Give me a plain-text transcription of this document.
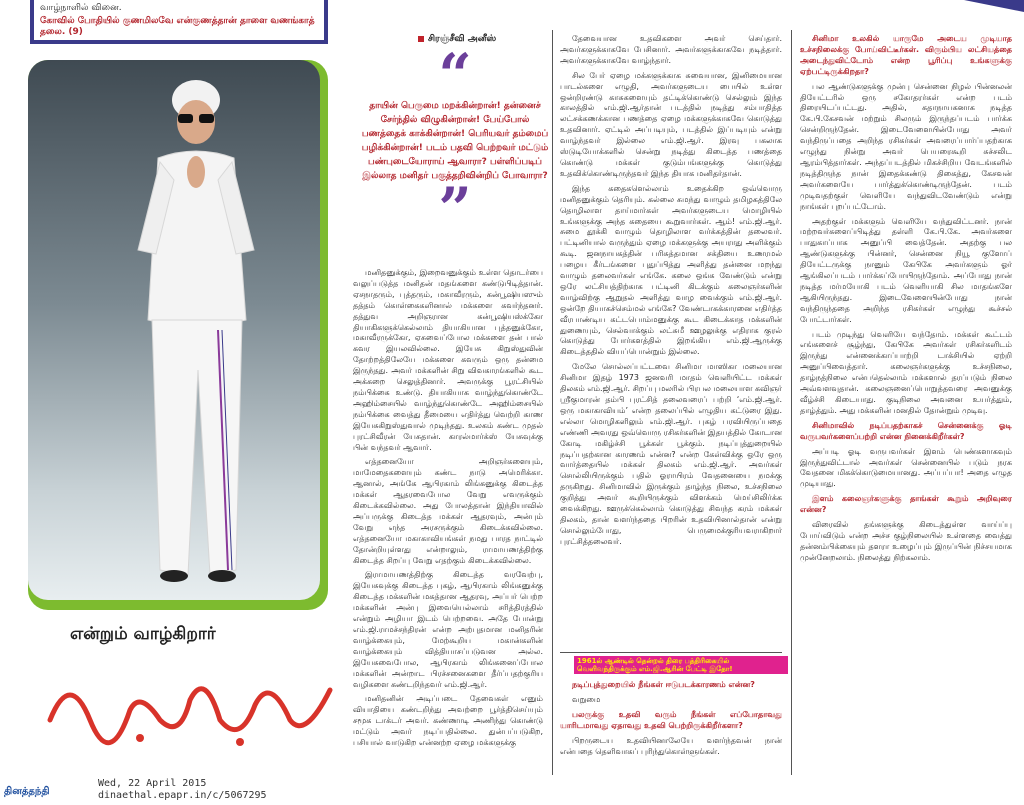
வாழ்நாளில் வினை.
கோவில் போதியில் குணமிலவே என்குணத்தான் தாளை வணங்காத் தலை. (9)
என்றும் வாழ்கிறார்
சிரஞ்சீவி அனீஸ்
“
தாயின் பெருமை மறக்கின்றான்! தன்னைச் சேர்ந்தில் விழுகின்றான்! பேய்போல் பணத்தைக் காக்கின்றான்! பெரியவர் தம்மைப் பழிக்கின்றான்! படம் பதவி பெற்றவர் மட்டும் பண்புடையோராய் ஆவாரா? பள்ளிப்படிப் இல்லாத மனிதர் பகுத்தறிவின்றிப் போவாரா?
”

மனிதனுக்கும், இறைவனுக்கும் உள்ள தொடர்பை வலுப்படுத்த மனிதன் மதங்களை கண்டுபிடித்தான். ஏசநாதரும், புத்தரும், மகாவீரரும், கன்பூஷியஸும் தத்தம் கொள்கைகளினால் மக்களை கவர்ந்தனர். தத்துவ அறிஞரான கன்பூஷியஸ்க்கோ தியாகிகளுக்கெல்லாம் தியாகியான புத்தனுக்கோ, மகாவீரருக்கோ, ஏசுவைப்போல மக்களை தன் பால் கவர இயலவில்லை. இயேசு கிறுஸ்துவின் தோற்றத்திலேயே மக்களை கவரும் ஒரு தன்மை இருந்தது. அவர் மக்களின் சிறு விவகாரங்களில் கூட அக்கறை செலுத்தினார். அவருக்கு பூரட்சியில் நம்பிக்கை உண்டு. தியாகியாக வாழ்ந்துகொண்டே அஹிம்சையில் வாழ்ந்துகொண்டே அஹிம்சையில் நம்பிக்கை வைத்து தீமையை எதிர்த்து வெற்றி காண இயேசுகிறுஸ்துவால் முடிந்தது. உலகம் கண்ட முதல் புரட்சிவீரன் யேசுதான். காரல்மார்க்ஸ் யேசுவுக்கு பின் வந்தவர் ஆவார்.

எத்தனையோ அறிஞர்களையும், மாமேதைகளையும் கண்ட நாடு அமெரிக்கா. ஆனால், அங்கே ஆபிரகாம் லிங்கனுக்கு கிடைத்த மக்கள் ஆதரவைபோல வேறு எவருக்கும் கிடைக்கவில்லை. அது போலத்தான் இந்தியாவில் அப்பருக்கு கிடைத்த மக்கள் ஆதரவும், அன்பும் வேறு எந்த அரசருக்கும் கிடைக்கவில்லை. எத்தனையோ மகாகாவியங்கள் நமது பாரத நாட்டில் தோன்றியுள்ளது என்றாலும், ராமாயணத்திற்கு கிடைத்த சிறப்பு வேறு எதற்கும் கிடைக்கவில்லை.

இராமாயணத்திற்கு கிடைத்த வரவேற்பு, இயேசுவுக்கு கிடைத்த புகழ், ஆபிரகாம் லிங்கனுக்கு கிடைத்த மக்களின் மகத்தான ஆதரவு, அப்பர் பெற்ற மக்களின் அன்பு இவையெல்லாம் சரித்திரத்தில் என்றும் அழியா இடம் பெற்றவை. அதே போன்று எம்.ஜி.ராமச்சந்திரன் என்ற அற்புதமான மனிதரின் வாழ்க்கையும், மேற்கூறிய மகான்களின் வாழ்க்கையும் வித்தியாசப்படுவன அல்ல. இயேசுவைபோல, ஆபிரகாம் லிங்கனைப்போல மக்களின் அன்றாட பிரச்சனைகளை தீர்ப்பதற்குரிய வழிகளை கண்டறிந்தவர் எம்.ஜி.ஆர்.

மனிதனின் அடிப்படை தேவைகள் எனும் வியாதியை கண்டறிந்து அவற்றை பூர்த்திசெய்யும் சமூக டாக்டர் அவர். கண்ணாடி அணிந்து கொண்டு மட்டும் அவர் நடிப்பதில்லை. துன்பப்படுகிற, பசியால் வாடுகிற என்னற்ற ஏழை மக்களுக்கு

தேவையான உதவிகளை அவர் செய்தார். அவர்களுக்காகவே பேசினார். அவர்களுக்காகவே நடித்தார். அவர்களுக்காகவே வாழ்ந்தார்.

சில பேர் ஏழை மக்களுக்காக சுவையான, இனிமையான பாடல்களை எழுதி, அவர்களுடைய பையில் உள்ள ஒன்றிரண்டு காசுகளையும் தட்டிக்கொண்டு செல்லும் இந்த காலத்தில் எம்.ஜி.ஆர்தான் படத்தில் நடித்து சம்பாதித்த லட்சக்கணக்கான பணத்தை ஏழை மக்களுக்காகவே கொடுத்து உதவினார். ஏட்டில் அப்படியும், படத்தில் இப்படியும் என்று வாழ்ந்தவர் இல்லை எம்.ஜி.ஆர். இரவு பகலாக ஸ்டுடியோக்களில் சென்று நடித்து கிடைத்த பணத்தை கொண்டு மக்கள் குடும்பங்களுக்கு கொடுத்து உதவிக்கொண்டிருந்தவர் இந்த தியாக மனிதர்தான்.

இந்த கதைகளெல்லாம் உதைக்கிற ஒவ்வொரு மனிதனுக்கும் தெரியும். கல்லை சுமந்து வாழும் தமிழகத்திலே தொழிலாள தாய்மார்கள் அவர்களுடைய மொழியில் உங்களுக்கு அந்த கதையை கூறுவார்கள். ஆம்! எம்.ஜி.ஆர். சுமை தூக்கி வாழும் தொழிலாள வர்க்கத்தின் தலைவர். பட்டினியால் வருந்தும் ஏழை மக்களுக்கு அயராது அளிக்கும் கூடி. ஜனநாயகத்தின் பரிசுத்தமான சக்தியை உணரமல் பழைய கீர்டங்களை புதுப்பித்து அளித்து தன்னை மறந்து வாழும் தலைவர்கள் எங்கே. கலை ஒங்க வேண்டும் என்று ஒரே லட்சியத்திற்காக பட்டினி கிடக்கும் கலைஞர்களின் வாழ்விற்கு ஆறுதல் அளித்து வாழ வைக்கும் எம்.ஜி.ஆர். ஒன்றே தியாகச்செம்மல் எங்கே? வேண்டாகக்காரனை எதிர்த்த வீரபாண்டிய கட்டபொம்மனுக்கு கூட கிடைக்காத மக்களின் துணையும், செல்வாக்கும் லட்சுமீ ஊழலுக்கு எதிராக குரல் கொடுத்து போர்களத்தில் இறங்கிய எம்.ஜி.ஆருக்கு கிடைத்ததில் வியப்பொன்றும் இல்லை.

மேலே சொல்லப்பட்டவை சினிமா மாஸிகா மலையான சினிமா இதழ் 1973 ஜனவரி மாதம் வெளியிட்ட மக்கள் திலகம் எம்.ஜி.ஆர். சிறப்பு மலரில் பிரபல மலையாள கவிஞர் ஸ்ரீகுமாரன் தம்பி புரட்சித் தலைவரைப் பற்றி ‘எம்.ஜி.ஆர். ஒரு மகாகாவியம்’ என்ற தலைப்பில் எழுதிய கட்டுரை இது. எல்லா மொழிகளிலும் எம்.ஜி.ஆர். புகழ் பரவியிருப்பதை எண்ணி அவரது ஒவ்வொரு ரசிகர்களின் இதயத்தில் கோடான கோடி மகிழ்ச்சி பூக்கள் பூக்கும். நடிப்புத்துறையில் நடிப்பதற்கான காரணம் என்ன? என்ற கேள்விக்கு ஒரே ஒரு வார்த்தையில் மக்கள் திலகம் எம்.ஜி.ஆர். அவர்கள் சொல்லியிருக்கும் பதில் ஓராயிரம் வேதனையை நமக்கு தருகிறது. சினிமாவில் இருக்கும் தாழ்ந்த நிலை, உச்சநிலை குறித்து அவர் கூறியிருக்கும் விளக்கம் மெய்சிலிர்க்க வைக்கிறது. ஊருக்கெல்லாம் கொடுத்து சிவந்த கரம் மக்கள் திலகம், தான் வளர்ந்ததை பிறரின் உதவியினால்தான் என்று சொல்லும்போது, பெருமைக்குரியவராகிறார் புரட்சித்தலைவர்.

1961ல் ஆண்டில் தென்றல் திரை பத்திரிகையில் வெளிவந்திருக்கும் எம்.ஜி.ஆரின் பேட்டி இதோ!

நடிப்புத்துறையில் நீங்கள் ஈடுபடக்காரணம் என்ன?

வறுமை

பலருக்கு உதவி வரும் நீங்கள் எப்போதாவது யாரிடமாவது ஏதாவது உதவி பெற்றிருக்கிறீர்களா?

பிறருடைய உதவியினாலேயே வளர்ந்தவன் நான் என்பதை தெளிவாகப் புரிந்துகொள்ளுங்கள்.

சினிமா உலகில் யாருமே அடைய முடியாத உச்சநிலைக்கு போய்விட்டீர்கள். விரும்பிய லட்சியத்தை அடைந்துவிட்டோம் என்ற பூரிப்பு உங்களுக்கு ஏற்பட்டிருக்கிறதா?

பல ஆண்டுகளுக்கு முன்பு சென்னை நிழல் பின்னலன் தியேட்டரில் ஒரு சகோதரர்கள் என்ற படம் திரையிடப்பட்டது. அதில், கதாநாயகனாக நடித்த கே.பி.கேசவன் மற்றும் சிலரும் இருந்தப்படம் பார்க்க சென்றிருந்தேன். இடைவேளையின்போது அவர் வந்திருப்பதை அறிந்த ரசிகர்கள் அவரைப்பார்ப்பதற்காக எழுந்து நின்று அவர் பெயரைகூறி சுச்சலிட ஆரம்பித்தார்கள். அந்தப்படத்தில் மிகச்சிறிய வேடங்களில் நடித்திருந்த நான் இதைக்கண்டு திகைத்து, கேசவன் அவர்களையே பார்த்துக்கொண்டிருந்தேன். படம் முடிவதற்குள் வெளியே வந்துவிடவேண்டும் என்று நாங்கள் புறப்பட்டோம்.

அதற்குள் மக்களும் வெளியே வந்துவிட்டனர். நான் மற்றவர்களைப்பிடித்து தள்ளி கே.பி.கே. அவர்களை பாதுகாப்பாக அனுப்பி வைத்தேன். அதற்கு பல ஆண்டுகளுக்கு பின்னர், சென்னை நியூ குளோப் தியேட்டருக்கு நானும் கேபிகே அவர்களும் ஓர் ஆங்கிலப்படம் பார்க்கப்போயிருந்தோம். அப்போது நான் நடித்த மர்மயோகி படம் வெளியாகி சில மாதங்களே ஆகியிருந்தது. இடைவேளையின்போது நான் வந்திருந்ததை அறிந்த ரசிகர்கள் எழுந்து கூச்சல் போட்டார்கள்.

படம் முடிந்து வெளியே வந்தோம். மக்கள் கூட்டம் எங்களைச் சூழ்ந்து, கேபிகே அவர்கள் ரசிகர்களிடம் இருந்து என்னைக்காப்பாற்றி டாக்சியில் ஏற்றி அனுப்பிவைத்தார். கலைஞர்களுக்கு உச்சநிலை, தாழ்நத்நிலை என்பதெல்லாம் மக்களால் தரப்படும் நிலை அவ்வளவுதான். கலைஞனைப்பொறுத்தவரை அவனுக்கு வீழ்ச்சி கிடையாது. குடிநிலை அவனை உயர்த்தும், தாழ்த்தும். அது மக்களின் மனதில் தோன்றும் முடிவு.

சினிமாவில் நடிப்பதற்காகச் சென்னைக்கு ஓடி வருபவர்களைப்பற்றி என்ன நினைக்கிறீர்கள்?

அப்படி ஓடி வருபவர்கள் இளம் பெண்களாகவும் இருந்துவிட்டால் அவர்கள் சென்னையில் படும் நரக வேதனை மிகக்கொடுமையானது. அப்பப்பா! அதை எழுத முடியாது.

இளம் கலைஞர்களுக்கு தாங்கள் கூறும் அறிவுரை என்ன?

விரைவில் தங்களுக்கு கிடைத்துள்ள வாய்ப்பு போய்விடும் என்ற அச்ச குழ்நிலையில் உள்ளதை வைத்து தன்னம்பிக்கையும் தளரா உழைப்பும் இருப்பின் நிச்சயமாக முன்னேறலாம். நிலைத்து நிற்கலாம்.

தினத்தந்தி
Wed, 22 April 2015
dinaethal.epapr.in/c/5067295
